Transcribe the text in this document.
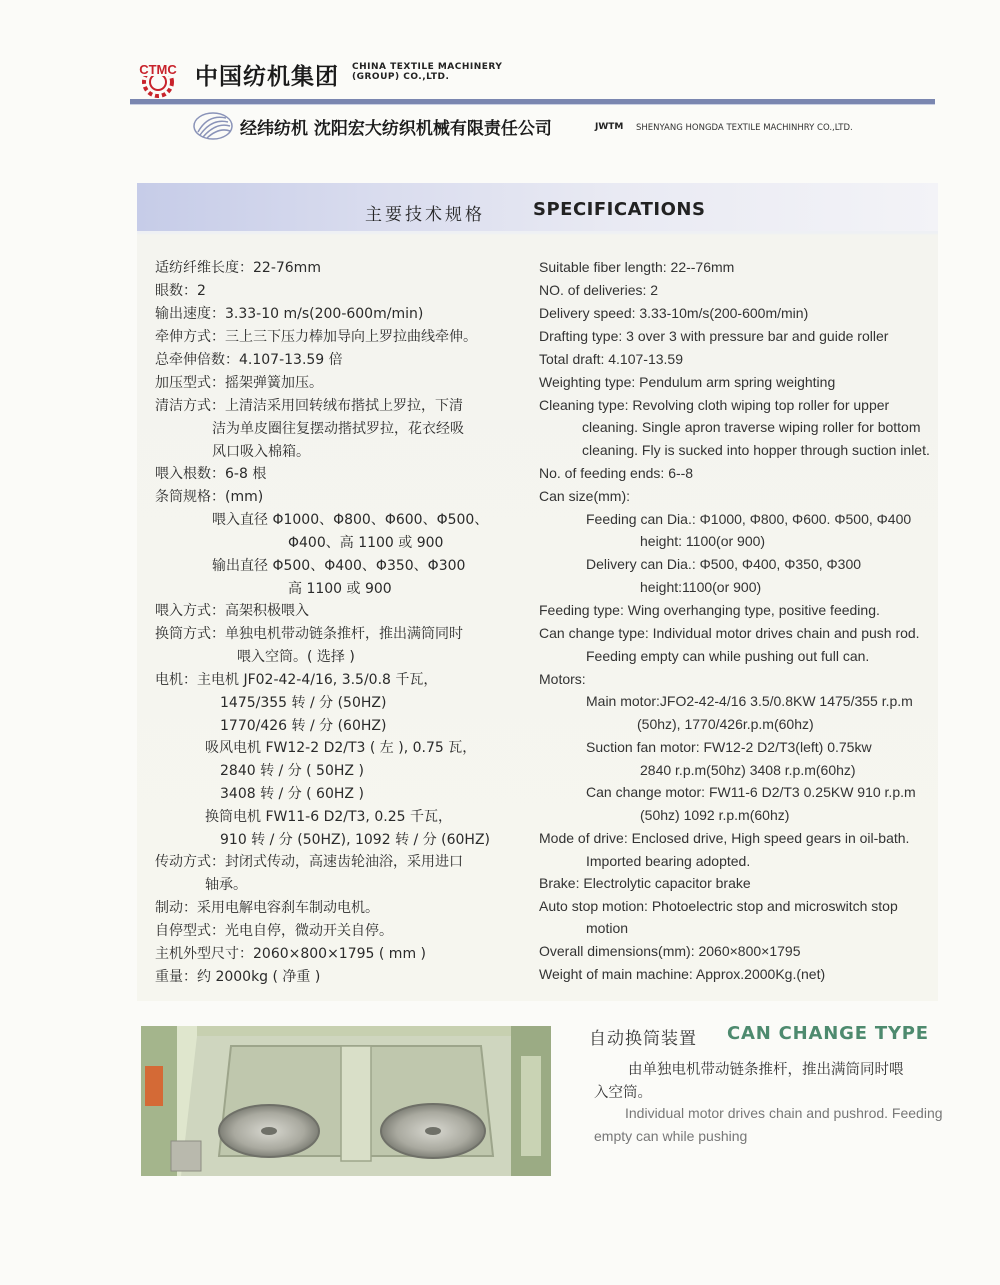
CTMC 中国纺机集团 CHINA TEXTILE MACHINERY
(GROUP) CO.,LTD.
经纬纺机 沈阳宏大纺织机械有限责任公司	JWTM SHENYANG HONGDA TEXTILE MACHINHRY CO.,LTD.
主要技术规格	SPECIFICATIONS
适纺纤维长度：22-76mm
眼数：2
输出速度：3.33-10 m/s(200-600m/min)
牵伸方式：三上三下压力棒加导向上罗拉曲线牵伸。
总牵伸倍数：4.107-13.59 倍
加压型式：摇架弹簧加压。
清洁方式：上清洁采用回转绒布揩拭上罗拉，下清
洁为单皮圈往复摆动揩拭罗拉，花衣经吸
风口吸入棉箱。
喂入根数：6-8 根
条筒规格：(mm)
喂入直径 Φ1000、Φ800、Φ600、Φ500、
Φ400、高 1100 或 900
输出直径 Φ500、Φ400、Φ350、Φ300
高 1100 或 900
喂入方式：高架积极喂入
换筒方式：单独电机带动链条推杆，推出满筒同时
喂入空筒。( 选择 )
电机：主电机 JF02-42-4/16, 3.5/0.8 千瓦，
1475/355 转 / 分 (50HZ)
1770/426 转 / 分 (60HZ)
吸风电机 FW12-2 D2/T3 ( 左 ), 0.75 瓦，
2840 转 / 分 ( 50HZ )
3408 转 / 分 ( 60HZ )
换筒电机 FW11-6 D2/T3, 0.25 千瓦，
910 转 / 分 (50HZ), 1092 转 / 分 (60HZ)
传动方式：封闭式传动，高速齿轮油浴，采用进口
轴承。
制动：采用电解电容刹车制动电机。
自停型式：光电自停，微动开关自停。
主机外型尺寸：2060×800×1795 ( mm )
重量：约 2000kg ( 净重 )
Suitable fiber length: 22--76mm
NO. of deliveries: 2
Delivery speed: 3.33-10m/s(200-600m/min)
Drafting type: 3 over 3 with pressure bar and guide roller
Total draft: 4.107-13.59
Weighting type: Pendulum arm spring weighting
Cleaning type: Revolving cloth wiping top roller for upper
cleaning. Single apron traverse wiping roller for bottom
cleaning. Fly is sucked into hopper through suction inlet.
No. of feeding ends: 6--8
Can size(mm):
Feeding can Dia.: Φ1000, Φ800, Φ600. Φ500, Φ400
height: 1100(or 900)
Delivery can Dia.: Φ500, Φ400, Φ350, Φ300
height:1100(or 900)
Feeding type: Wing overhanging type, positive feeding.
Can change type: Individual motor drives chain and push rod.
Feeding empty can while pushing out full can.
Motors:
Main motor:JFO2-42-4/16 3.5/0.8KW 1475/355 r.p.m
(50hz), 1770/426r.p.m(60hz)
Suction fan motor: FW12-2 D2/T3(left) 0.75kw
2840 r.p.m(50hz) 3408 r.p.m(60hz)
Can change motor: FW11-6 D2/T3 0.25KW 910 r.p.m
(50hz) 1092 r.p.m(60hz)
Mode of drive: Enclosed drive, High speed gears in oil-bath.
Imported bearing adopted.
Brake: Electrolytic capacitor brake
Auto stop motion: Photoelectric stop and microswitch stop
motion
Overall dimensions(mm): 2060×800×1795
Weight of main machine: Approx.2000Kg.(net)
自动换筒装置 CAN CHANGE TYPE
由单独电机带动链条推杆，推出满筒同时喂
入空筒。
Individual motor drives chain and pushrod. Feeding
empty can while pushing
